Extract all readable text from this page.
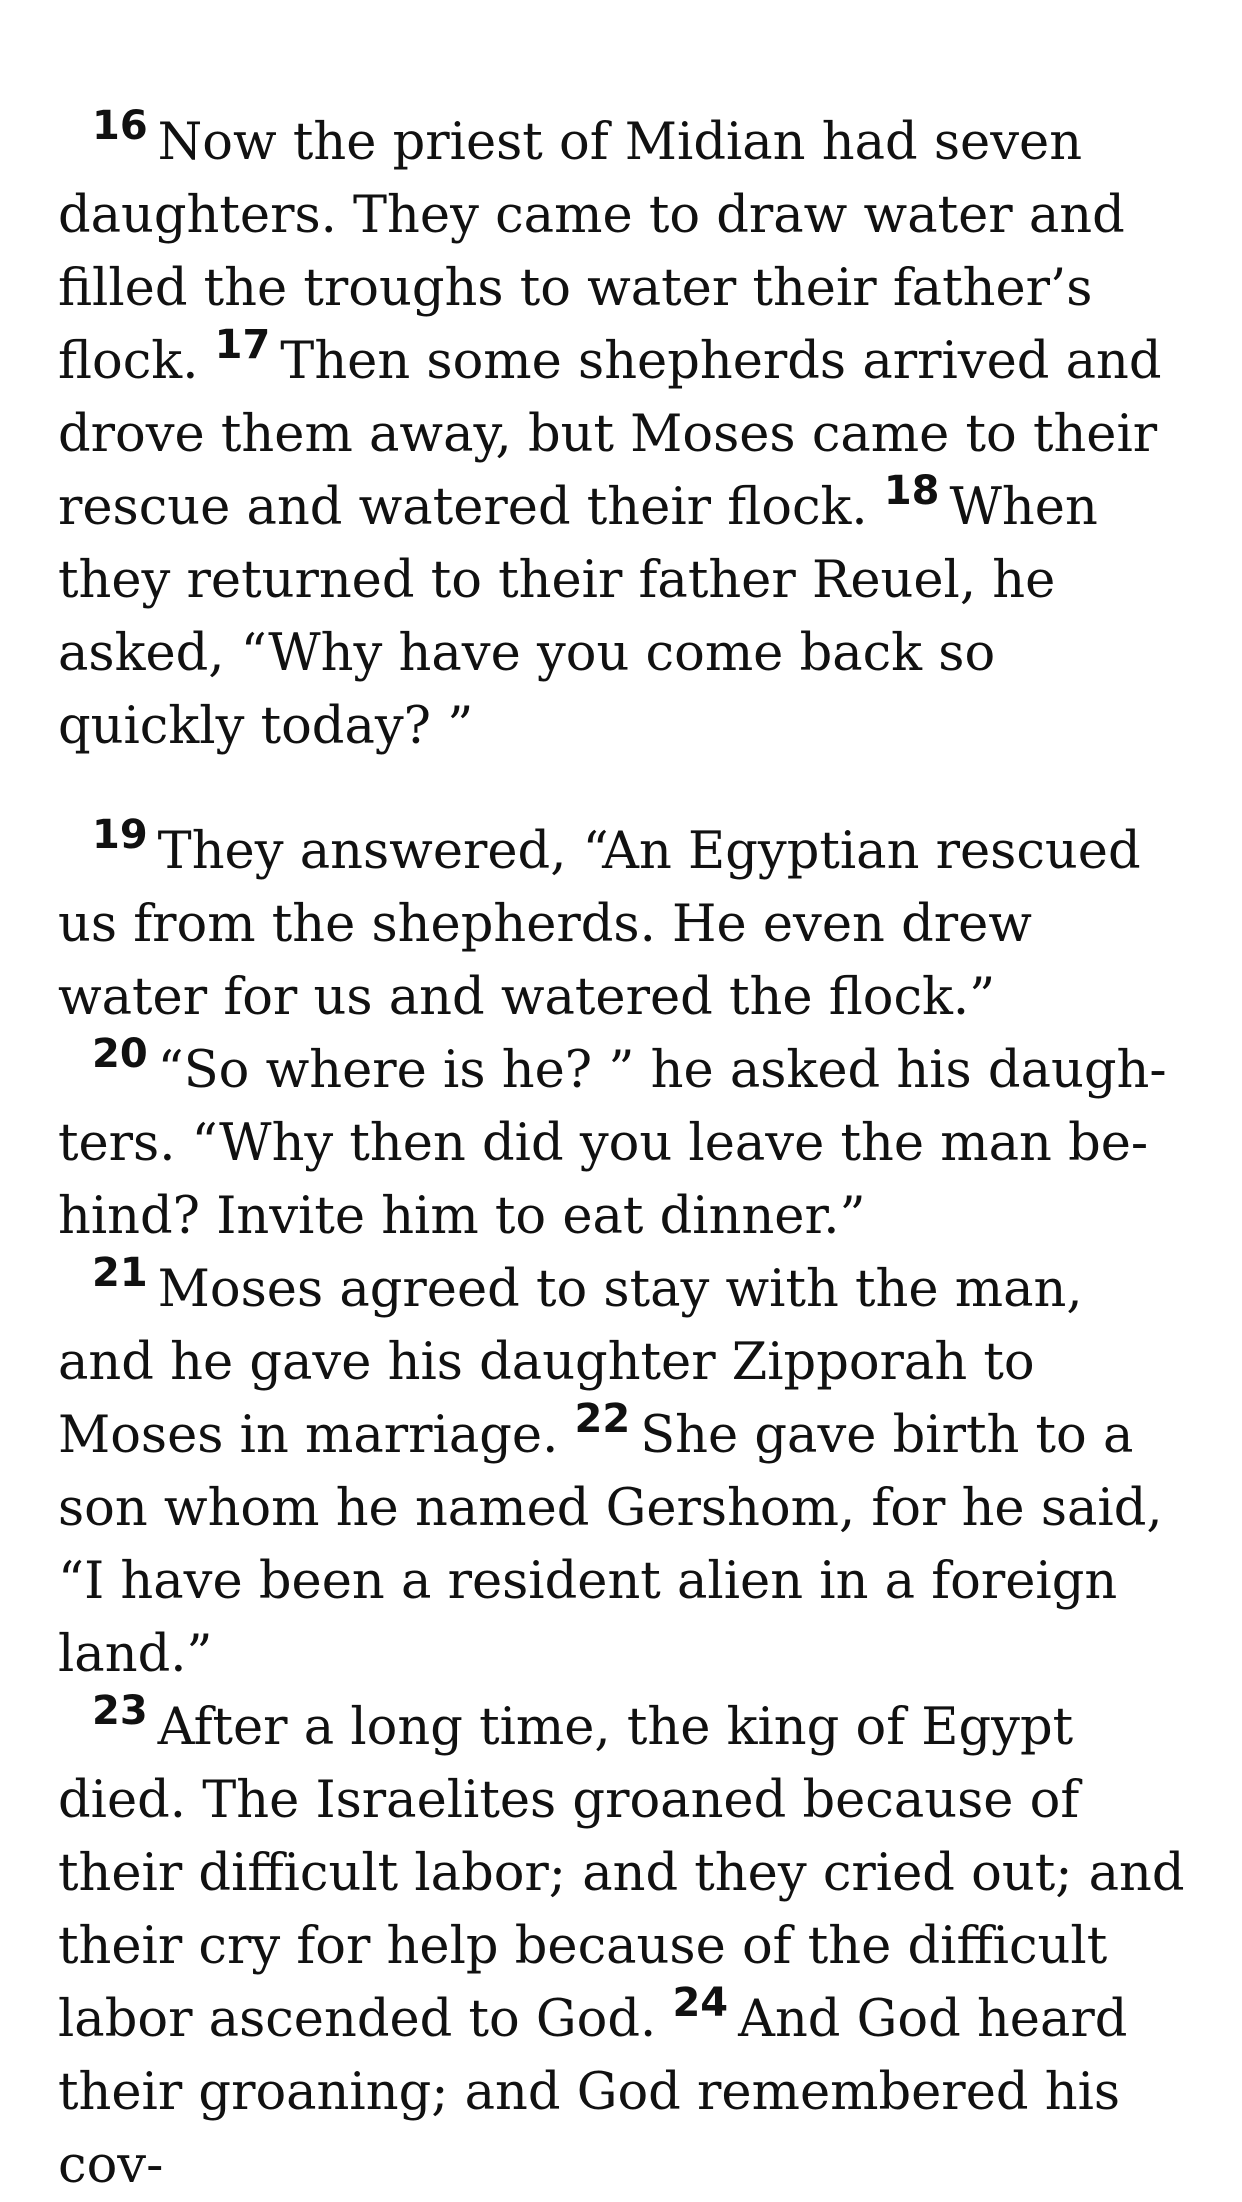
$^{16}$ Now the priest of Midian had seven daughters. They came to draw water and filled the troughs to water their father’s flock. $^{17}$ Then some shepherds arrived and drove them away, but Moses came to their rescue and watered their flock. $^{18}$ When they returned to their father Reuel, he asked, “Why have you come back so quickly today? ”

$^{19}$ They answered, “An Egyptian rescued us from the shepherds. He even drew water for us and watered the flock.”

$^{20}$ “So where is he? ” he asked his daughters. “Why then did you leave the man behind? Invite him to eat dinner.”

$^{21}$ Moses agreed to stay with the man, and he gave his daughter Zipporah to Moses in marriage. $^{22}$ She gave birth to a son whom he named Gershom, for he said, “I have been a resident alien in a foreign land.”

$^{23}$ After a long time, the king of Egypt died. The Israelites groaned because of their difficult labor; and they cried out; and their cry for help because of the difficult labor ascended to God. $^{24}$ And God heard their groaning; and God remembered his cov-
